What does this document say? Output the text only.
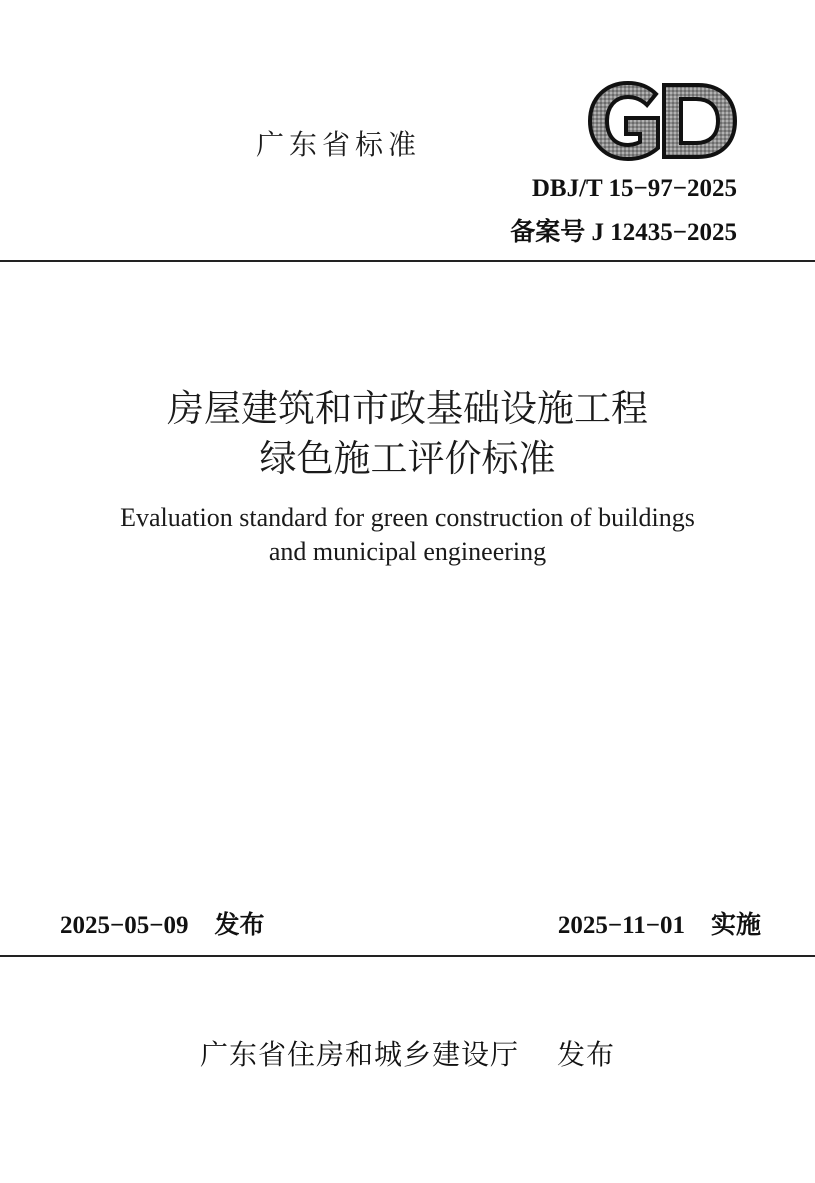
广东省标准
DBJ/T 15−97−2025
备案号 J 12435−2025
房屋建筑和市政基础设施工程
绿色施工评价标准
Evaluation standard for green construction of buildings
and municipal engineering
2025−05−09 发布	2025−11−01 实施
广东省住房和城乡建设厅 发布
